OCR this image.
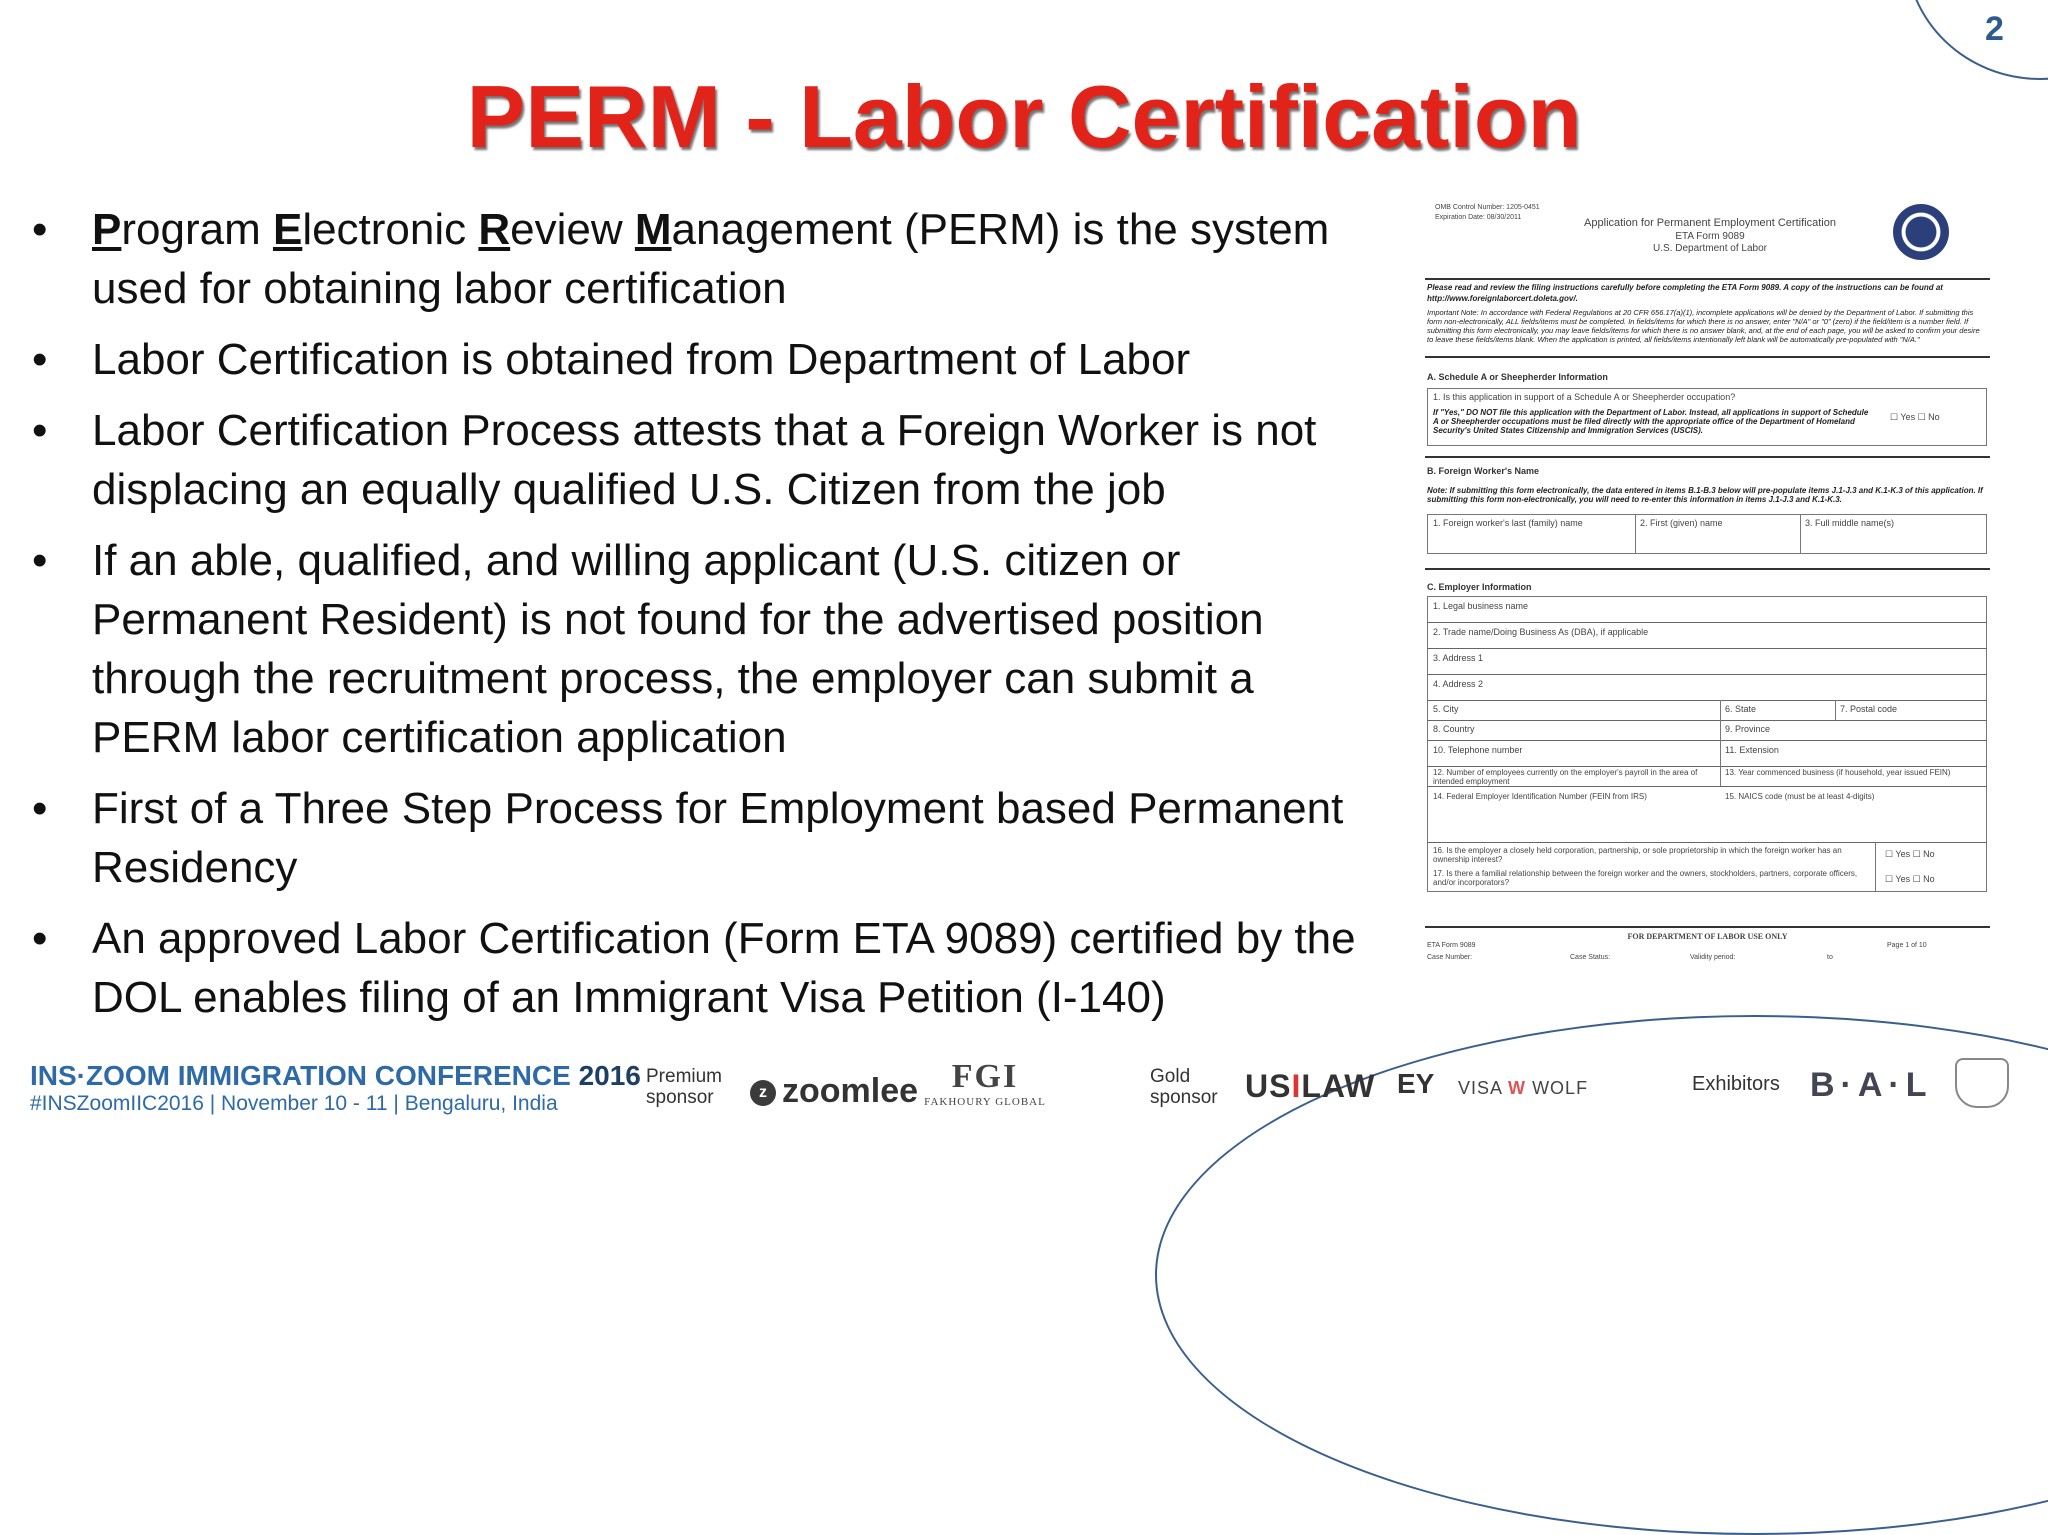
2
PERM - Labor Certification
• Program Electronic Review Management (PERM) is the system used for obtaining labor certification
• Labor Certification is obtained from Department of Labor
• Labor Certification Process attests that a Foreign Worker is not displacing an equally qualified U.S. Citizen from the job
• If an able, qualified, and willing applicant (U.S. citizen or Permanent Resident) is not found for the advertised position through the recruitment process, the employer can submit a PERM labor certification application
• First of a Three Step Process for Employment based Permanent Residency
• An approved Labor Certification (Form ETA 9089) certified by the DOL enables filing of an Immigrant Visa Petition (I-140)
OMB Control Number: 1205-0451
Expiration Date: 08/30/2011	Application for Permanent Employment Certification
ETA Form 9089
U.S. Department of Labor
Please read and review the filing instructions carefully before completing the ETA Form 9089. A copy of the instructions can be found at http://www.foreignlaborcert.doleta.gov/.
Important Note: In accordance with Federal Regulations at 20 CFR 656.17(a)(1), incomplete applications will be denied by the Department of Labor. If submitting this form non-electronically, ALL fields/items must be completed. In fields/items for which there is no answer, enter "N/A" or "0" (zero) if the field/item is a number field. If submitting this form electronically, you may leave fields/items for which there is no answer blank, and, at the end of each page, you will be asked to confirm your desire to leave these fields/items blank. When the application is printed, all fields/items intentionally left blank will be automatically pre-populated with "N/A."
A. Schedule A or Sheepherder Information
1. Is this application in support of a Schedule A or Sheepherder occupation?
If "Yes," DO NOT file this application with the Department of Labor. Instead, all applications in support of Schedule A or Sheepherder occupations must be filed directly with the appropriate office of the Department of Homeland Security's United States Citizenship and Immigration Services (USCIS).
☐ Yes ☐ No
B. Foreign Worker's Name
Note: If submitting this form electronically, the data entered in items B.1-B.3 below will pre-populate items J.1-J.3 and K.1-K.3 of this application. If submitting this form non-electronically, you will need to re-enter this information in items J.1-J.3 and K.1-K.3.
1. Foreign worker's last (family) name	2. First (given) name	3. Full middle name(s)
C. Employer Information
1. Legal business name
2. Trade name/Doing Business As (DBA), if applicable
3. Address 1
4. Address 2
5. City	6. State	7. Postal code
8. Country	9. Province
10. Telephone number	11. Extension
12. Number of employees currently on the employer's payroll in the area of intended employment
13. Year commenced business (if household, year issued FEIN)
14. Federal Employer Identification Number (FEIN from IRS)	15. NAICS code (must be at least 4-digits)
16. Is the employer a closely held corporation, partnership, or sole proprietorship in which the foreign worker has an ownership interest?
☐ Yes ☐ No
17. Is there a familial relationship between the foreign worker and the owners, stockholders, partners, corporate officers, and/or incorporators?	☐ Yes ☐ No
FOR DEPARTMENT OF LABOR USE ONLY
ETA Form 9089	Page 1 of 10
Case Number:	Case Status:	Validity period:	to
INS·ZOOM IMMIGRATION CONFERENCE 2016
#INSZoomIIC2016 | November 10 - 11 | Bengaluru, India
Premium
sponsor	z zoomlee FGI
FAKHOURY GLOBAL
Gold
sponsor USILAW EY VISA W WOLF	Exhibitors B·A·L
